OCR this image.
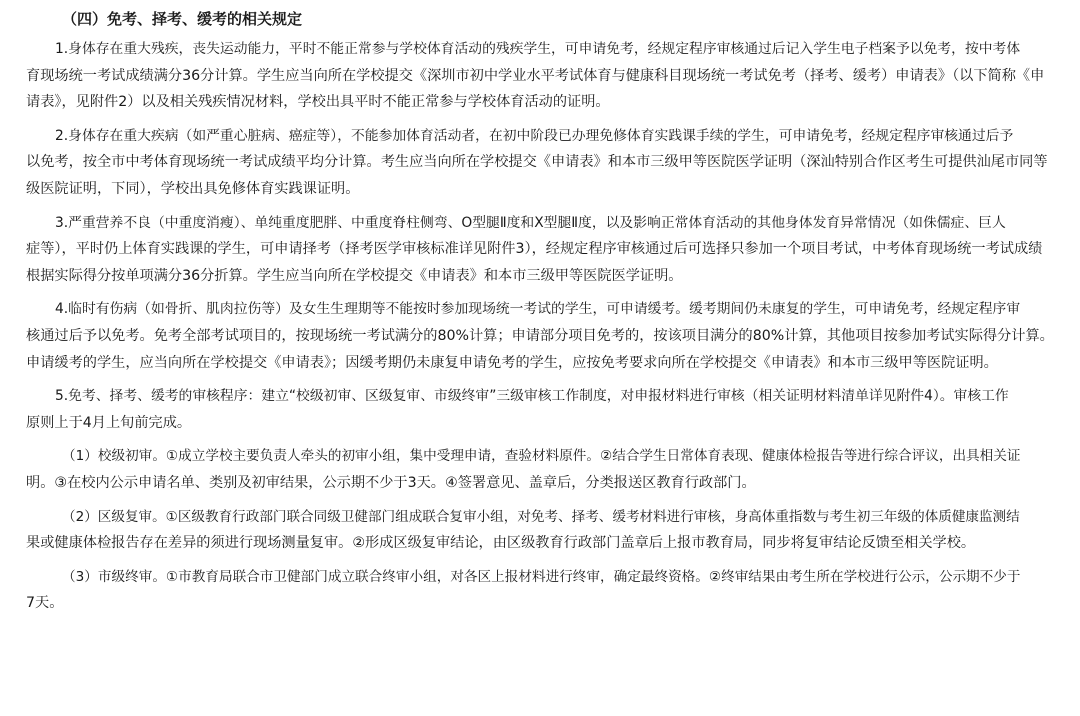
（四）免考、择考、缓考的相关规定
1.身体存在重大残疾，丧失运动能力，平时不能正常参与学校体育活动的残疾学生，可申请免考，经规定程序审核通过后记入学生电子档案予以免考，按中考体
育现场统一考试成绩满分36分计算。学生应当向所在学校提交《深圳市初中学业水平考试体育与健康科目现场统一考试免考（择考、缓考）申请表》（以下简称《申
请表》，见附件2）以及相关残疾情况材料，学校出具平时不能正常参与学校体育活动的证明。
2.身体存在重大疾病（如严重心脏病、癌症等），不能参加体育活动者，在初中阶段已办理免修体育实践课手续的学生，可申请免考，经规定程序审核通过后予
以免考，按全市中考体育现场统一考试成绩平均分计算。考生应当向所在学校提交《申请表》和本市三级甲等医院医学证明（深汕特别合作区考生可提供汕尾市同等
级医院证明，下同），学校出具免修体育实践课证明。
3.严重营养不良（中重度消瘦）、单纯重度肥胖、中重度脊柱侧弯、O型腿Ⅱ度和X型腿Ⅱ度，以及影响正常体育活动的其他身体发育异常情况（如侏儒症、巨人
症等），平时仍上体育实践课的学生，可申请择考（择考医学审核标准详见附件3），经规定程序审核通过后可选择只参加一个项目考试，中考体育现场统一考试成绩
根据实际得分按单项满分36分折算。学生应当向所在学校提交《申请表》和本市三级甲等医院医学证明。
4.临时有伤病（如骨折、肌肉拉伤等）及女生生理期等不能按时参加现场统一考试的学生，可申请缓考。缓考期间仍未康复的学生，可申请免考，经规定程序审
核通过后予以免考。免考全部考试项目的，按现场统一考试满分的80%计算；申请部分项目免考的，按该项目满分的80%计算，其他项目按参加考试实际得分计算。
申请缓考的学生，应当向所在学校提交《申请表》；因缓考期仍未康复申请免考的学生，应按免考要求向所在学校提交《申请表》和本市三级甲等医院证明。
5.免考、择考、缓考的审核程序：建立“校级初审、区级复审、市级终审”三级审核工作制度，对申报材料进行审核（相关证明材料清单详见附件4）。审核工作
原则上于4月上旬前完成。
（1）校级初审。①成立学校主要负责人牵头的初审小组，集中受理申请，查验材料原件。②结合学生日常体育表现、健康体检报告等进行综合评议，出具相关证
明。③在校内公示申请名单、类别及初审结果，公示期不少于3天。④签署意见、盖章后，分类报送区教育行政部门。
（2）区级复审。①区级教育行政部门联合同级卫健部门组成联合复审小组，对免考、择考、缓考材料进行审核，身高体重指数与考生初三年级的体质健康监测结
果或健康体检报告存在差异的须进行现场测量复审。②形成区级复审结论，由区级教育行政部门盖章后上报市教育局，同步将复审结论反馈至相关学校。
（3）市级终审。①市教育局联合市卫健部门成立联合终审小组，对各区上报材料进行终审，确定最终资格。②终审结果由考生所在学校进行公示，公示期不少于
7天。
